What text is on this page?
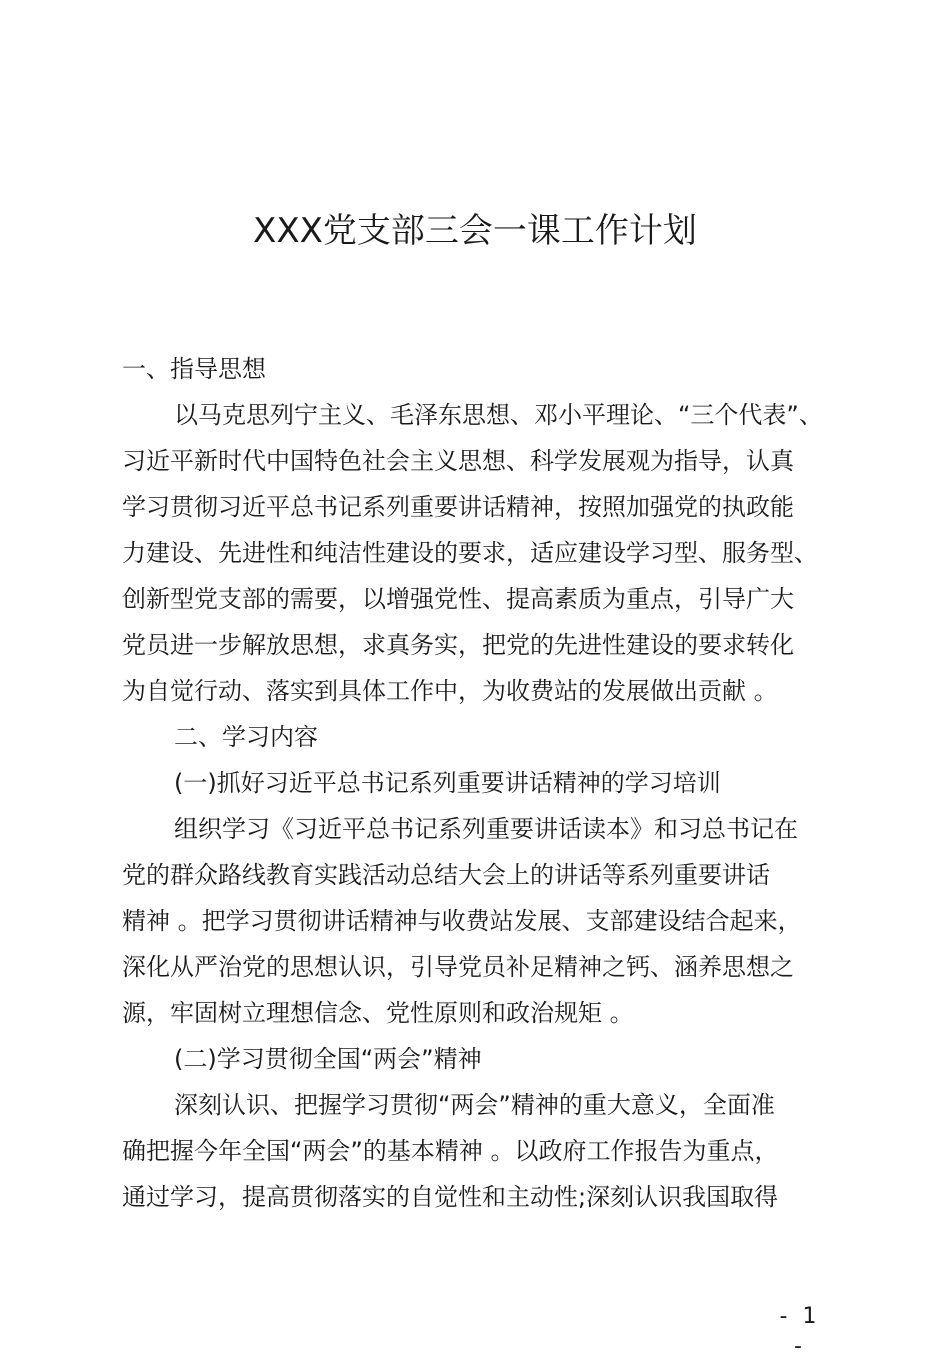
XXX党支部三会一课工作计划

一、指导思想

以马克思列宁主义、毛泽东思想、邓小平理论、“三个代表”、

习近平新时代中国特色社会主义思想、科学发展观为指导，认真

学习贯彻习近平总书记系列重要讲话精神，按照加强党的执政能

力建设、先进性和纯洁性建设的要求，适应建设学习型、服务型、

创新型党支部的需要，以增强党性、提高素质为重点，引导广大

党员进一步解放思想，求真务实，把党的先进性建设的要求转化

为自觉行动、落实到具体工作中，为收费站的发展做出贡献 。

二、学习内容

(一)抓好习近平总书记系列重要讲话精神的学习培训

组织学习《习近平总书记系列重要讲话读本》和习总书记在

党的群众路线教育实践活动总结大会上的讲话等系列重要讲话

精神 。把学习贯彻讲话精神与收费站发展、支部建设结合起来，

深化从严治党的思想认识，引导党员补足精神之钙、涵养思想之

源，牢固树立理想信念、党性原则和政治规矩 。

(二)学习贯彻全国“两会”精神

深刻认识、把握学习贯彻“两会”精神的重大意义，全面准

确把握今年全国“两会”的基本精神 。以政府工作报告为重点，

通过学习，提高贯彻落实的自觉性和主动性;深刻认识我国取得

- 1 -
